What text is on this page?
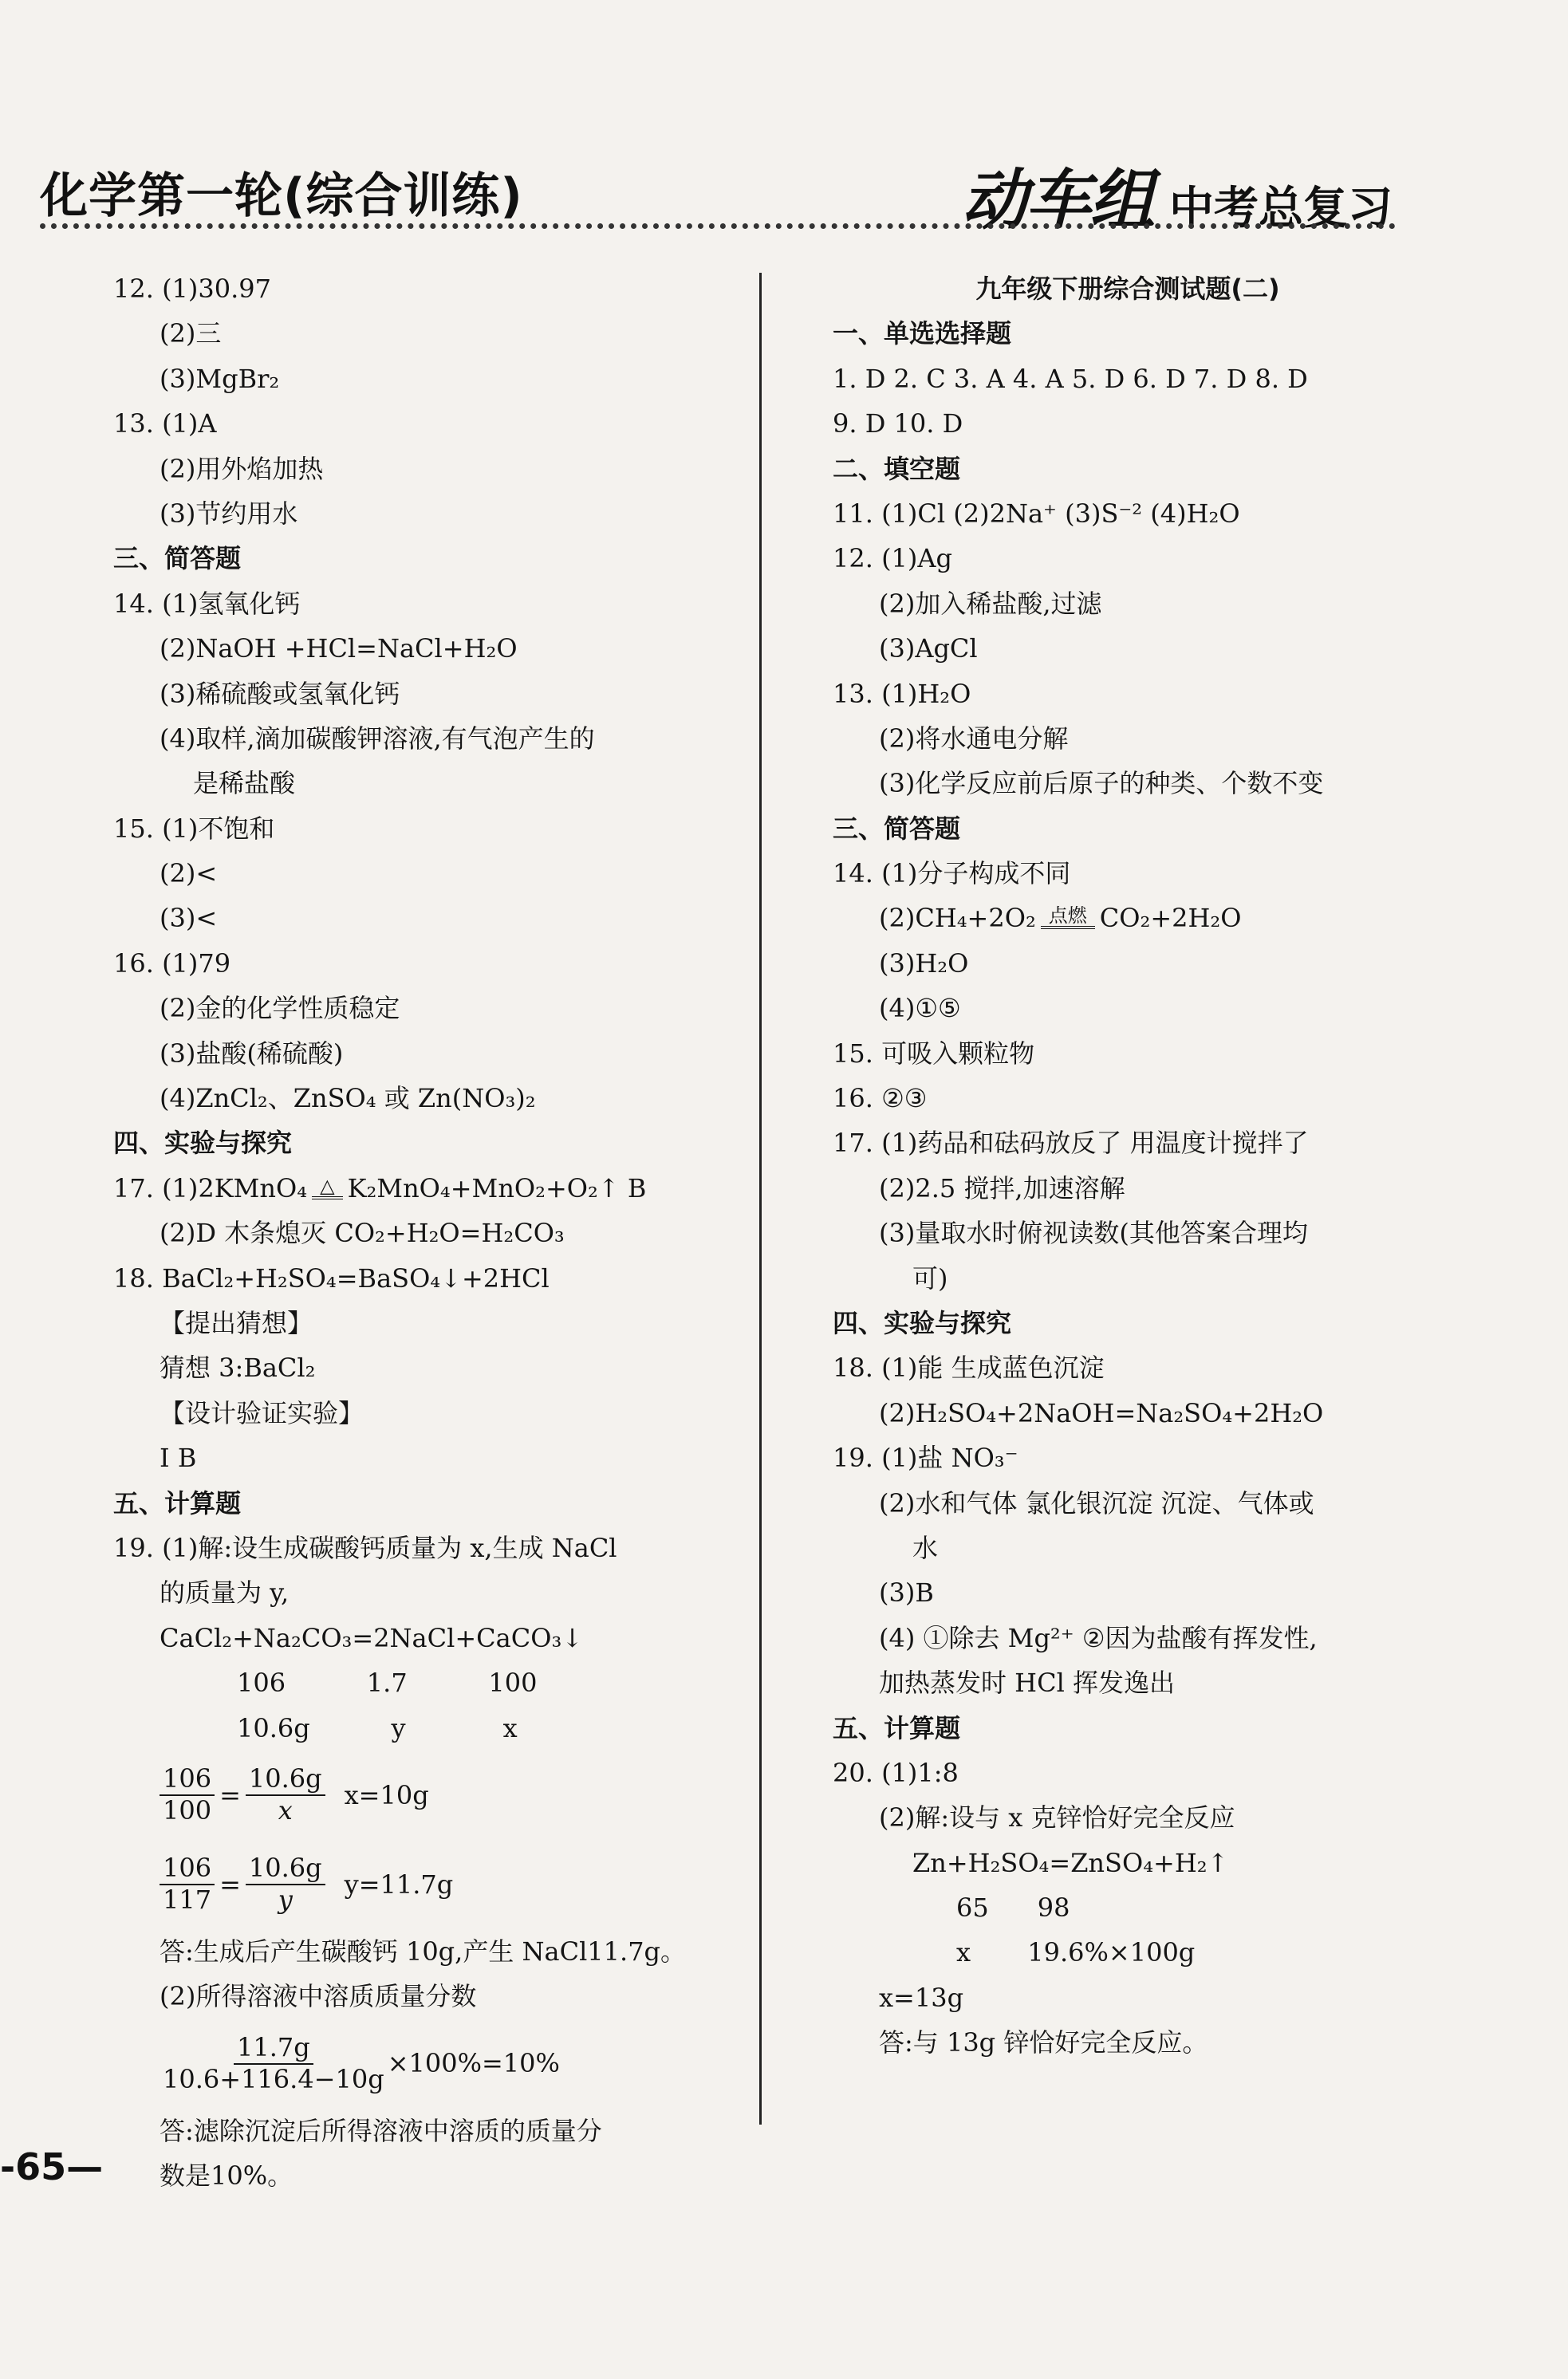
化学第一轮(综合训练)	动车组 中考总复习
12. (1)30.97
(2)三
(3)MgBr₂
13. (1)A
(2)用外焰加热
(3)节约用水
三、简答题
14. (1)氢氧化钙
(2)NaOH +HCl=NaCl+H₂O
(3)稀硫酸或氢氧化钙
(4)取样,滴加碳酸钾溶液,有气泡产生的
是稀盐酸
15. (1)不饱和
(2)<
(3)<
16. (1)79
(2)金的化学性质稳定
(3)盐酸(稀硫酸)
(4)ZnCl₂、ZnSO₄ 或 Zn(NO₃)₂
四、实验与探究
17. (1)2KMnO₄ △ K₂MnO₄+MnO₂+O₂↑ B
(2)D 木条熄灭 CO₂+H₂O=H₂CO₃
18. BaCl₂+H₂SO₄=BaSO₄↓+2HCl
【提出猜想】
猜想 3:BaCl₂
【设计验证实验】
I B
五、计算题
19. (1)解:设生成碳酸钙质量为 x,生成 NaCl
的质量为 y,
CaCl₂+Na₂CO₃=2NaCl+CaCO₃↓
106          1.7          100
10.6g          y            x
$\frac{106}{100} = \frac{10.6g}{x} x=10g$
$\frac{106}{117} = \frac{10.6g}{y} y=11.7g$
答:生成后产生碳酸钙 10g,产生 NaCl11.7g。
(2)所得溶液中溶质质量分数
$\frac{11.7g}{10.6+116.4-10g} \times 100\%=10\%$
答:滤除沉淀后所得溶液中溶质的质量分
数是10%。
九年级下册综合测试题(二)
一、单选选择题
1. D 2. C 3. A 4. A 5. D 6. D 7. D 8. D
9. D 10. D
二、填空题
11. (1)Cl (2)2Na⁺ (3)S⁻² (4)H₂O
12. (1)Ag
(2)加入稀盐酸,过滤
(3)AgCl
13. (1)H₂O
(2)将水通电分解
(3)化学反应前后原子的种类、个数不变
三、简答题
14. (1)分子构成不同
(2)CH₄+2O₂ 点燃 CO₂+2H₂O
(3)H₂O
(4)①⑤
15. 可吸入颗粒物
16. ②③
17. (1)药品和砝码放反了 用温度计搅拌了
(2)2.5 搅拌,加速溶解
(3)量取水时俯视读数(其他答案合理均
可)
四、实验与探究
18. (1)能 生成蓝色沉淀
(2)H₂SO₄+2NaOH=Na₂SO₄+2H₂O
19. (1)盐 NO₃⁻
(2)水和气体 氯化银沉淀 沉淀、气体或
水
(3)B
(4) ①除去 Mg²⁺ ②因为盐酸有挥发性,
加热蒸发时 HCl 挥发逸出
五、计算题
20. (1)1:8
(2)解:设与 x 克锌恰好完全反应
Zn+H₂SO₄=ZnSO₄+H₂↑
65      98
x       19.6%×100g
x=13g
答:与 13g 锌恰好完全反应。
-65—
